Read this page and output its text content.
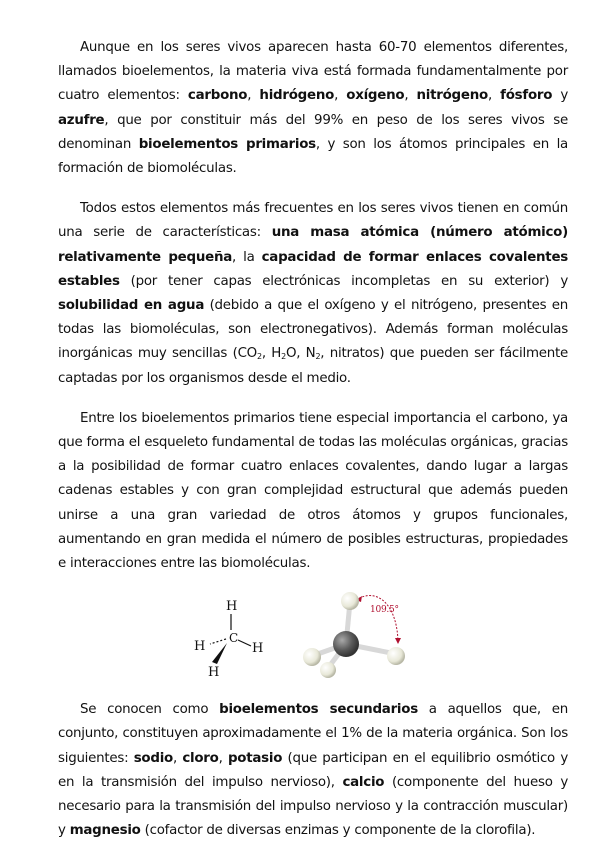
Aunque en los seres vivos aparecen hasta 60-70 elementos diferentes, llamados bioelementos, la materia viva está formada fundamentalmente por cuatro elementos: carbono, hidrógeno, oxígeno, nitrógeno, fósforo y azufre, que por constituir más del 99% en peso de los seres vivos se denominan bioelementos primarios, y son los átomos principales en la formación de biomoléculas.

Todos estos elementos más frecuentes en los seres vivos tienen en común una serie de características: una masa atómica (número atómico) relativamente pequeña, la capacidad de formar enlaces covalentes estables (por tener capas electrónicas incompletas en su exterior) y solubilidad en agua (debido a que el oxígeno y el nitrógeno, presentes en todas las biomoléculas, son electronegativos). Además forman moléculas inorgánicas muy sencillas ($CO_2$, $H_2O$, $N_2$, nitratos) que pueden ser fácilmente captadas por los organismos desde el medio.

Entre los bioelementos primarios tiene especial importancia el carbono, ya que forma el esqueleto fundamental de todas las moléculas orgánicas, gracias a la posibilidad de formar cuatro enlaces covalentes, dando lugar a largas cadenas estables y con gran complejidad estructural que además pueden unirse a una gran variedad de otros átomos y grupos funcionales, aumentando en gran medida el número de posibles estructuras, propiedades e interacciones entre las biomoléculas.

H
C
H	H
H
109.5°

Se conocen como bioelementos secundarios a aquellos que, en conjunto, constituyen aproximadamente el 1% de la materia orgánica. Son los siguientes: sodio, cloro, potasio (que participan en el equilibrio osmótico y en la transmisión del impulso nervioso), calcio (componente del hueso y necesario para la transmisión del impulso nervioso y la contracción muscular) y magnesio (cofactor de diversas enzimas y componente de la clorofila).
